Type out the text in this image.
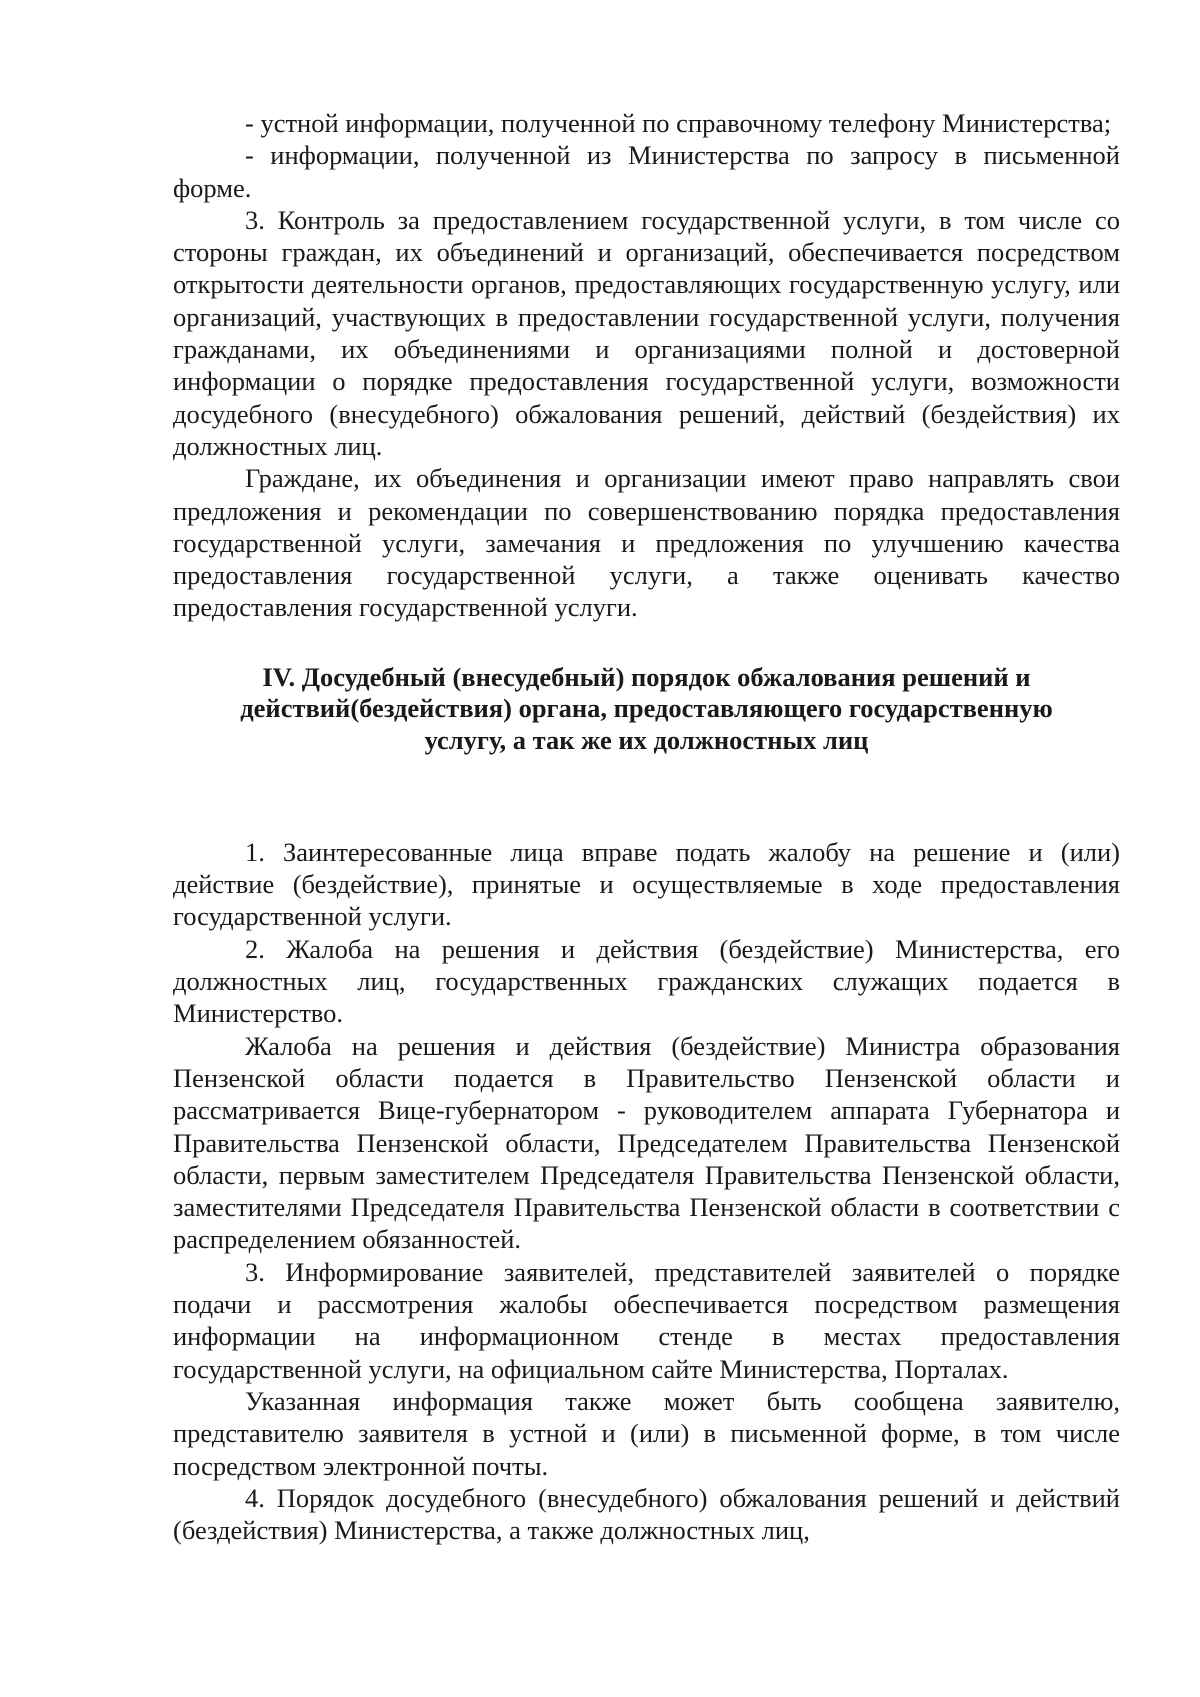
- устной информации, полученной по справочному телефону Министерства;

- информации, полученной из Министерства по запросу в письменной форме.

3. Контроль за предоставлением государственной услуги, в том числе со стороны граждан, их объединений и организаций, обеспечивается посредством открытости деятельности органов, предоставляющих государственную услугу, или организаций, участвующих в предоставлении государственной услуги, получения гражданами, их объединениями и организациями полной и достоверной информации о порядке предоставления государственной услуги, возможности досудебного (внесудебного) обжалования решений, действий (бездействия) их должностных лиц.

Граждане, их объединения и организации имеют право направлять свои предложения и рекомендации по совершенствованию порядка предоставления государственной услуги, замечания и предложения по улучшению качества предоставления государственной услуги, а также оценивать качество предоставления государственной услуги.

IV. Досудебный (внесудебный) порядок обжалования решений и
действий(бездействия) органа, предоставляющего государственную
услугу, а так же их должностных лиц

1. Заинтересованные лица вправе подать жалобу на решение и (или) действие (бездействие), принятые и осуществляемые в ходе предоставления государственной услуги.

2. Жалоба на решения и действия (бездействие) Министерства, его должностных лиц, государственных гражданских служащих подается в Министерство.

Жалоба на решения и действия (бездействие) Министра образования Пензенской области подается в Правительство Пензенской области и рассматривается Вице-губернатором - руководителем аппарата Губернатора и Правительства Пензенской области, Председателем Правительства Пензенской области, первым заместителем Председателя Правительства Пензенской области, заместителями Председателя Правительства Пензенской области в соответствии с распределением обязанностей.

3. Информирование заявителей, представителей заявителей о порядке подачи и рассмотрения жалобы обеспечивается посредством размещения информации на информационном стенде в местах предоставления государственной услуги, на официальном сайте Министерства, Порталах.

Указанная информация также может быть сообщена заявителю, представителю заявителя в устной и (или) в письменной форме, в том числе посредством электронной почты.

4. Порядок досудебного (внесудебного) обжалования решений и действий (бездействия) Министерства, а также должностных лиц,
